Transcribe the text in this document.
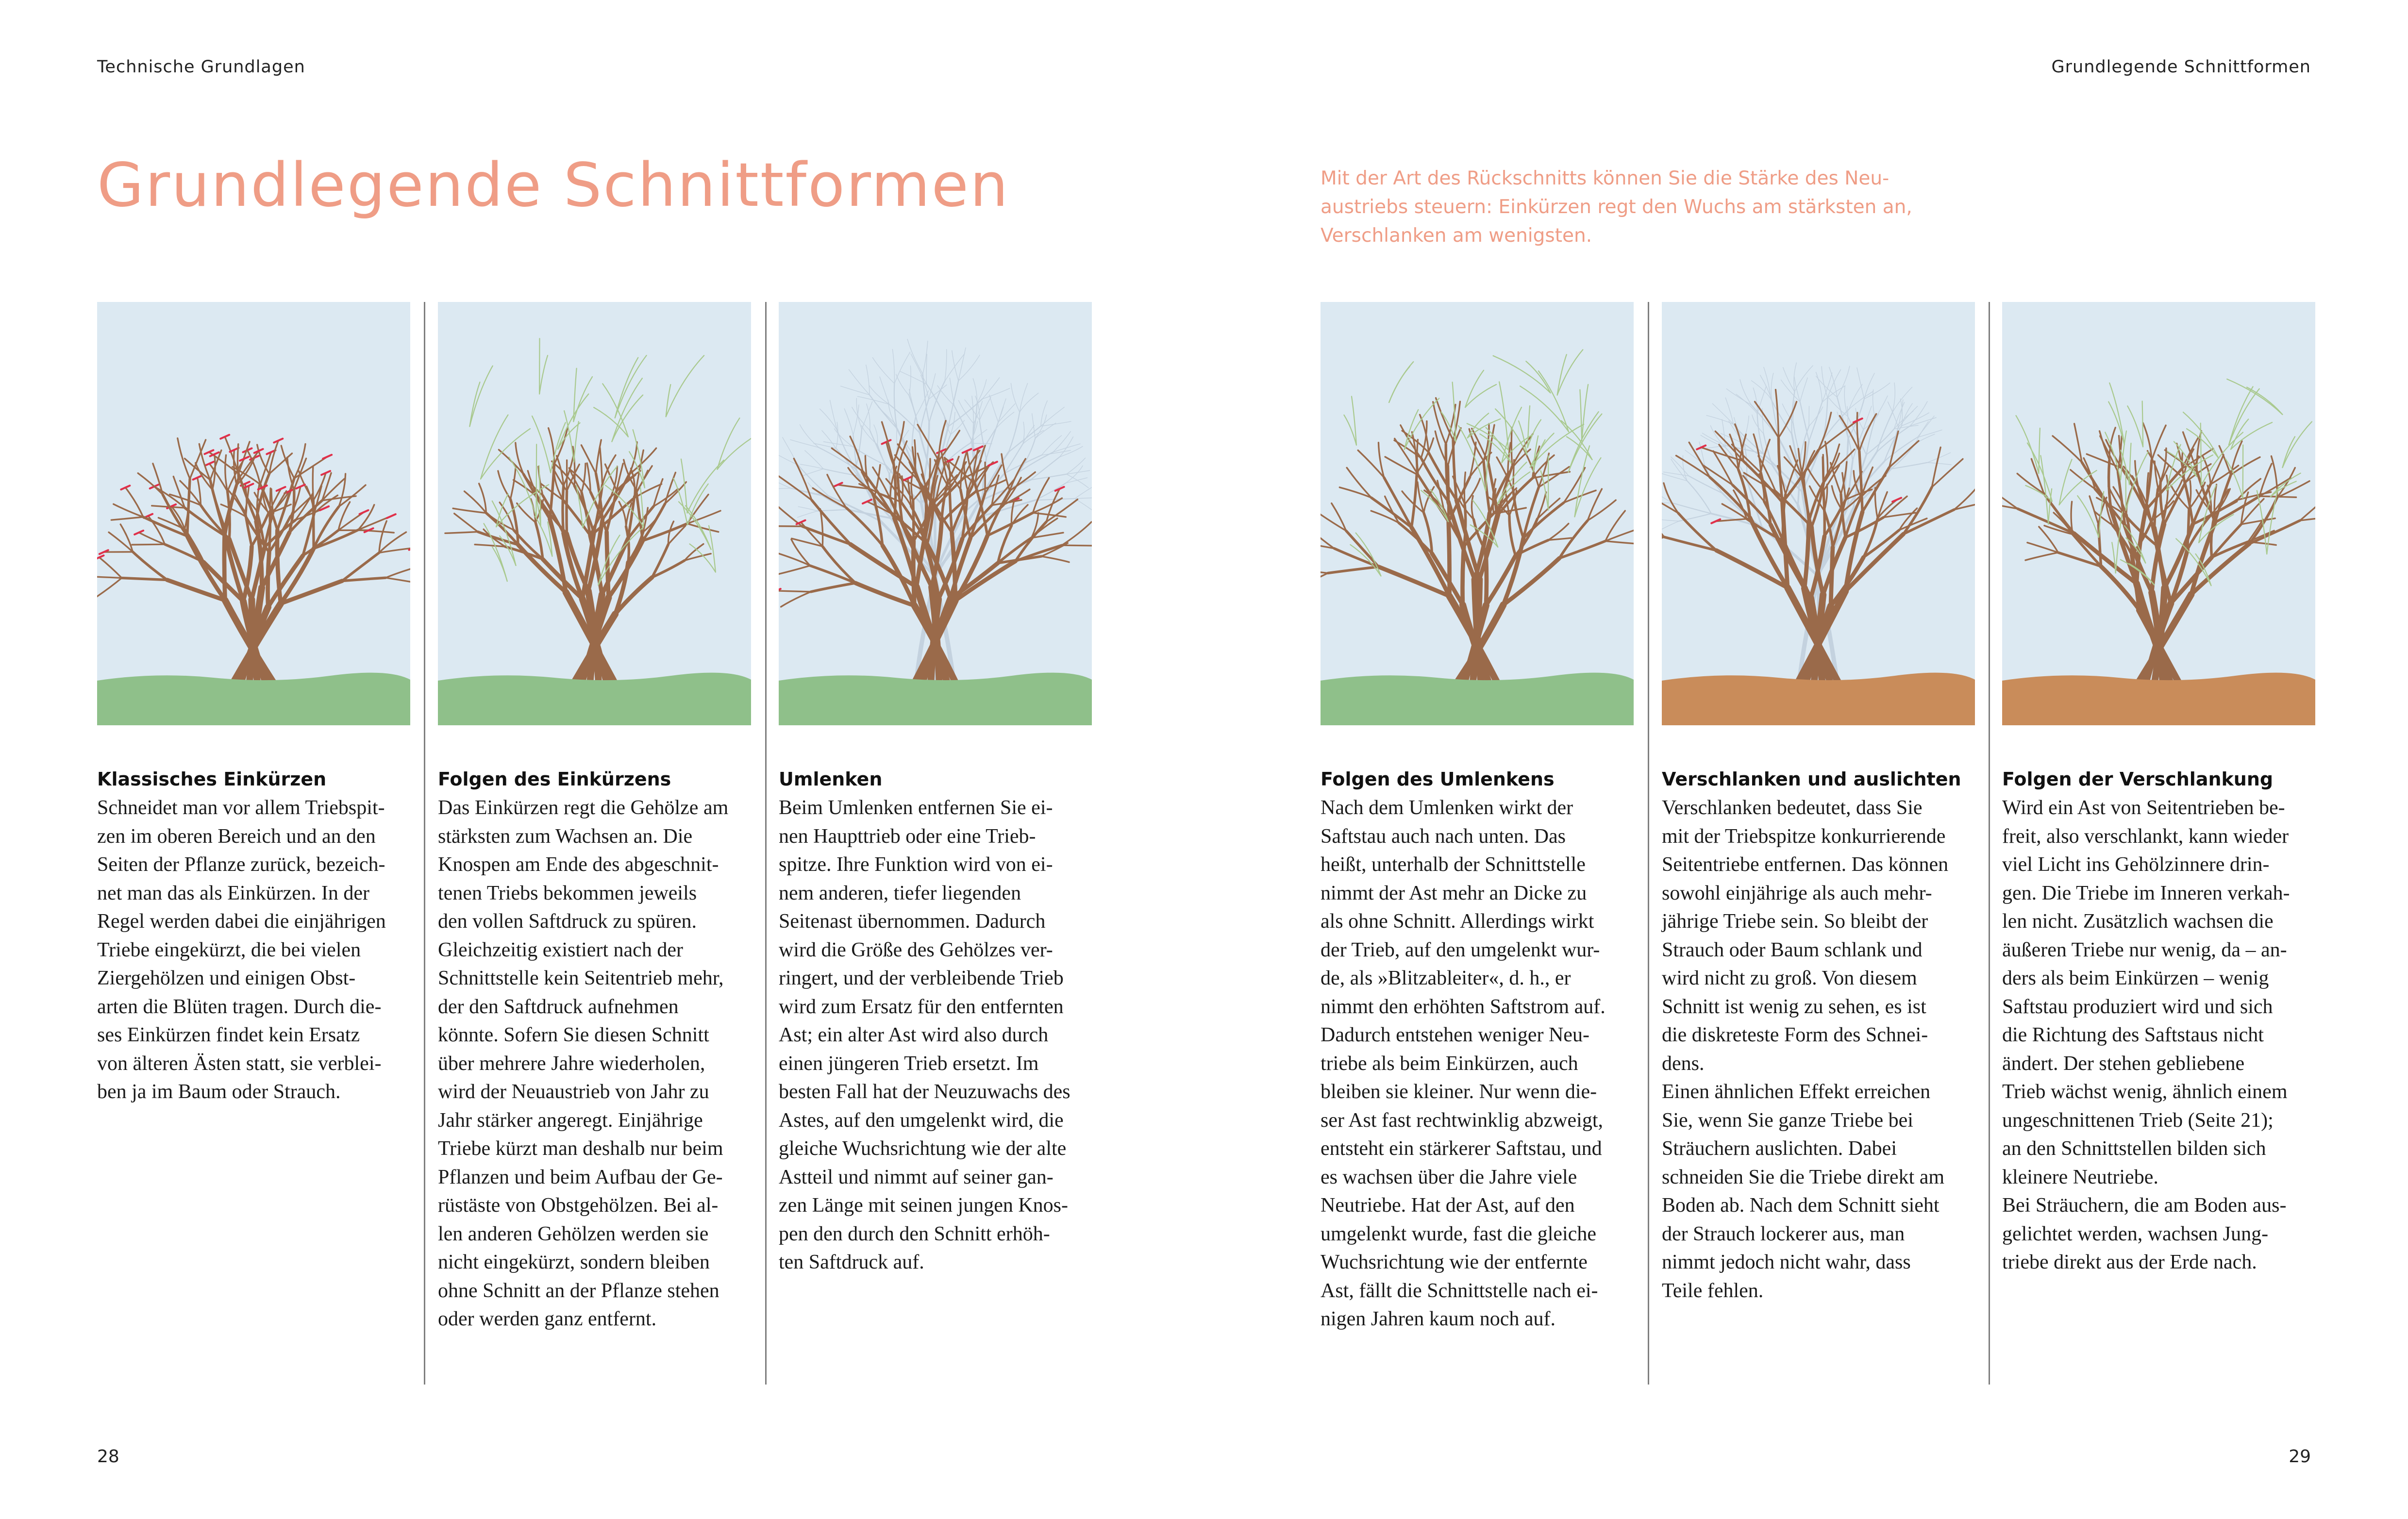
Technische Grundlagen	Grundlegende Schnittformen
Grundlegende Schnittformen	Mit der Art des Rückschnitts können Sie die Stärke des Neu-
austriebs steuern: Einkürzen regt den Wuchs am stärksten an,
Verschlanken am wenigsten.

Klassisches Einkürzen

Schneidet man vor allem Triebspit-
zen im oberen Bereich und an den
Seiten der Pflanze zurück, bezeich-
net man das als Einkürzen. In der
Regel werden dabei die einjährigen
Triebe eingekürzt, die bei vielen
Ziergehölzen und einigen Obst-
arten die Blüten tragen. Durch die-
ses Einkürzen findet kein Ersatz
von älteren Ästen statt, sie verblei-
ben ja im Baum oder Strauch.

Folgen des Einkürzens

Das Einkürzen regt die Gehölze am
stärksten zum Wachsen an. Die
Knospen am Ende des abgeschnit-
tenen Triebs bekommen jeweils
den vollen Saftdruck zu spüren.
Gleichzeitig existiert nach der
Schnittstelle kein Seitentrieb mehr,
der den Saftdruck aufnehmen
könnte. Sofern Sie diesen Schnitt
über mehrere Jahre wiederholen,
wird der Neuaustrieb von Jahr zu
Jahr stärker angeregt. Einjährige
Triebe kürzt man deshalb nur beim
Pflanzen und beim Aufbau der Ge-
rüstäste von Obstgehölzen. Bei al-
len anderen Gehölzen werden sie
nicht eingekürzt, sondern bleiben
ohne Schnitt an der Pflanze stehen
oder werden ganz entfernt.

Umlenken

Beim Umlenken entfernen Sie ei-
nen Haupttrieb oder eine Trieb-
spitze. Ihre Funktion wird von ei-
nem anderen, tiefer liegenden
Seitenast übernommen. Dadurch
wird die Größe des Gehölzes ver-
ringert, und der verbleibende Trieb
wird zum Ersatz für den entfernten
Ast; ein alter Ast wird also durch
einen jüngeren Trieb ersetzt. Im
besten Fall hat der Neuzuwachs des
Astes, auf den umgelenkt wird, die
gleiche Wuchsrichtung wie der alte
Astteil und nimmt auf seiner gan-
zen Länge mit seinen jungen Knos-
pen den durch den Schnitt erhöh-
ten Saftdruck auf.

Folgen des Umlenkens

Nach dem Umlenken wirkt der
Saftstau auch nach unten. Das
heißt, unterhalb der Schnittstelle
nimmt der Ast mehr an Dicke zu
als ohne Schnitt. Allerdings wirkt
der Trieb, auf den umgelenkt wur-
de, als »Blitzableiter«, d. h., er
nimmt den erhöhten Saftstrom auf.
Dadurch entstehen weniger Neu-
triebe als beim Einkürzen, auch
bleiben sie kleiner. Nur wenn die-
ser Ast fast rechtwinklig abzweigt,
entsteht ein stärkerer Saftstau, und
es wachsen über die Jahre viele
Neutriebe. Hat der Ast, auf den
umgelenkt wurde, fast die gleiche
Wuchsrichtung wie der entfernte
Ast, fällt die Schnittstelle nach ei-
nigen Jahren kaum noch auf.

Verschlanken und auslichten

Verschlanken bedeutet, dass Sie
mit der Triebspitze konkurrierende
Seitentriebe entfernen. Das können
sowohl einjährige als auch mehr-
jährige Triebe sein. So bleibt der
Strauch oder Baum schlank und
wird nicht zu groß. Von diesem
Schnitt ist wenig zu sehen, es ist
die diskreteste Form des Schnei-
dens.
Einen ähnlichen Effekt erreichen
Sie, wenn Sie ganze Triebe bei
Sträuchern auslichten. Dabei
schneiden Sie die Triebe direkt am
Boden ab. Nach dem Schnitt sieht
der Strauch lockerer aus, man
nimmt jedoch nicht wahr, dass
Teile fehlen.

Folgen der Verschlankung

Wird ein Ast von Seitentrieben be-
freit, also verschlankt, kann wieder
viel Licht ins Gehölzinnere drin-
gen. Die Triebe im Inneren verkah-
len nicht. Zusätzlich wachsen die
äußeren Triebe nur wenig, da – an-
ders als beim Einkürzen – wenig
Saftstau produziert wird und sich
die Richtung des Saftstaus nicht
ändert. Der stehen gebliebene
Trieb wächst wenig, ähnlich einem
ungeschnittenen Trieb (Seite 21);
an den Schnittstellen bilden sich
kleinere Neutriebe.
Bei Sträuchern, die am Boden aus-
gelichtet werden, wachsen Jung-
triebe direkt aus der Erde nach.

28	29
